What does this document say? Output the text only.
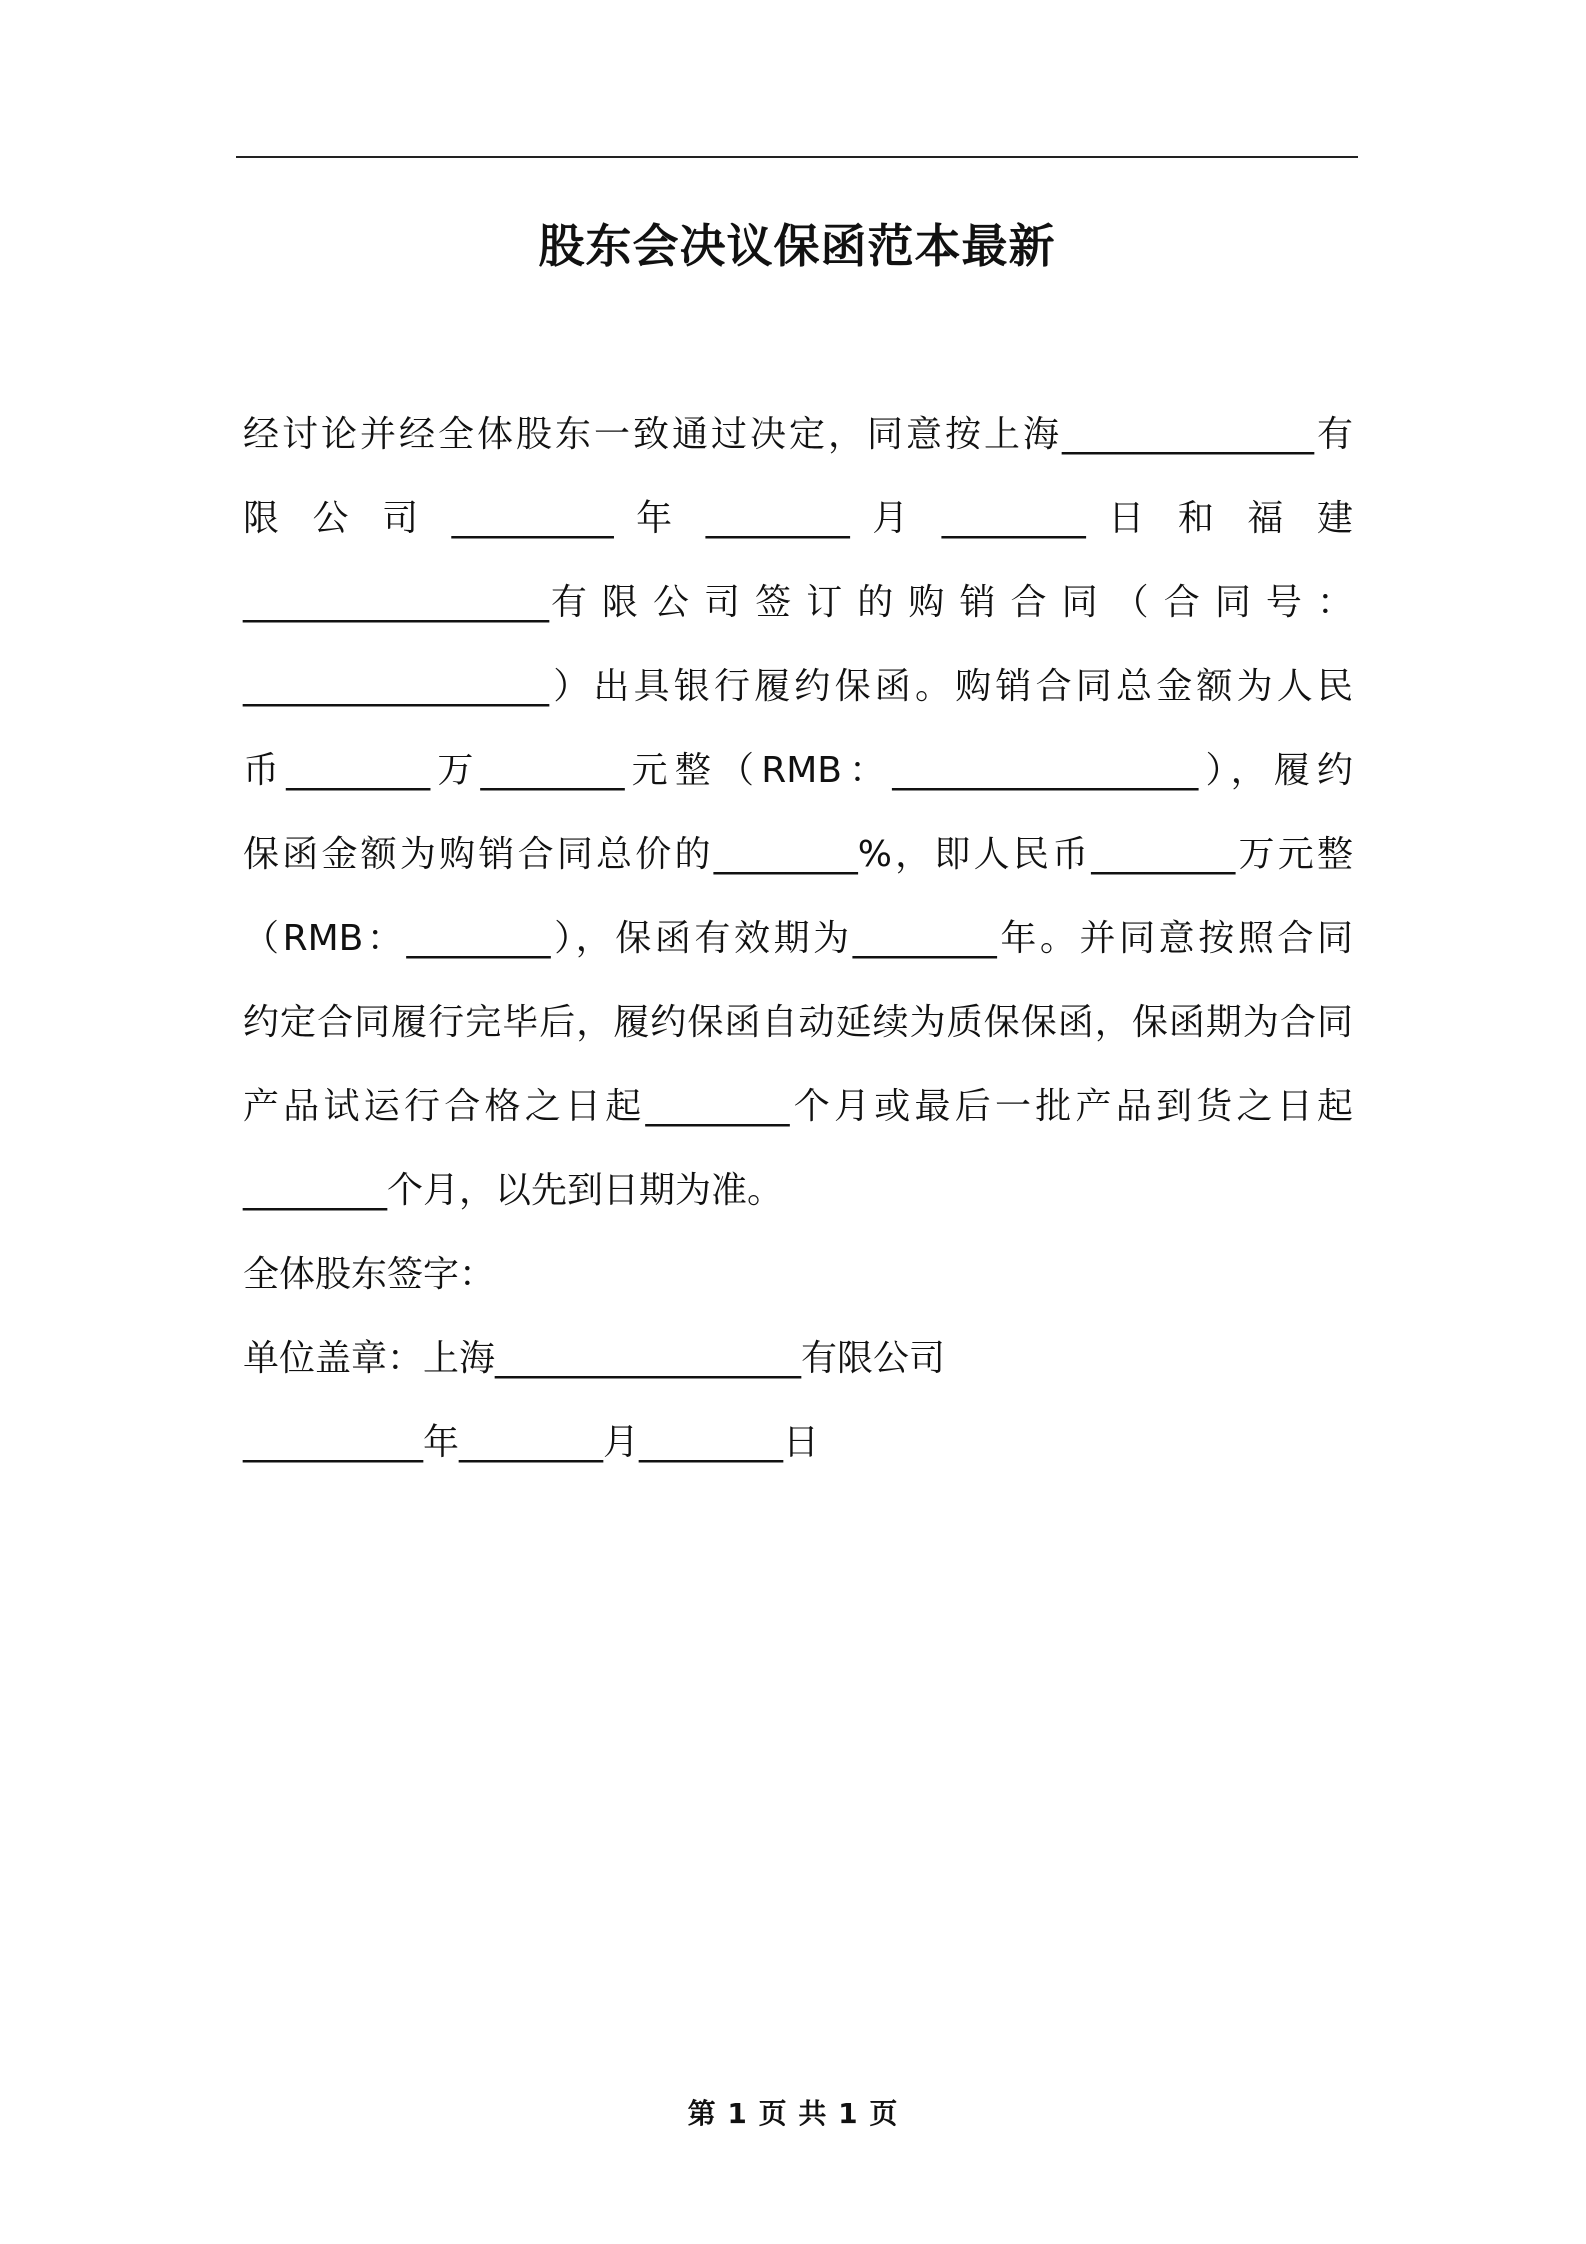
股东会决议保函范本最新

经讨论并经全体股东一致通过决定，同意按上海______________有

限 公 司 _________ 年 ________ 月 ________ 日 和 福 建

_________________有 限 公 司 签 订 的 购 销 合 同 （ 合 同 号 ：

_________________）出具银行履约保函。购销合同总金额为人民

币________万________元整（RMB：_________________），履约

保函金额为购销合同总价的________%，即人民币________万元整

（RMB：________），保函有效期为________年。并同意按照合同

约定合同履行完毕后，履约保函自动延续为质保保函，保函期为合同

产品试运行合格之日起________个月或最后一批产品到货之日起

________个月，以先到日期为准。

全体股东签字：

单位盖章：上海_________________有限公司

__________年________月________日

第 1 页 共 1 页
